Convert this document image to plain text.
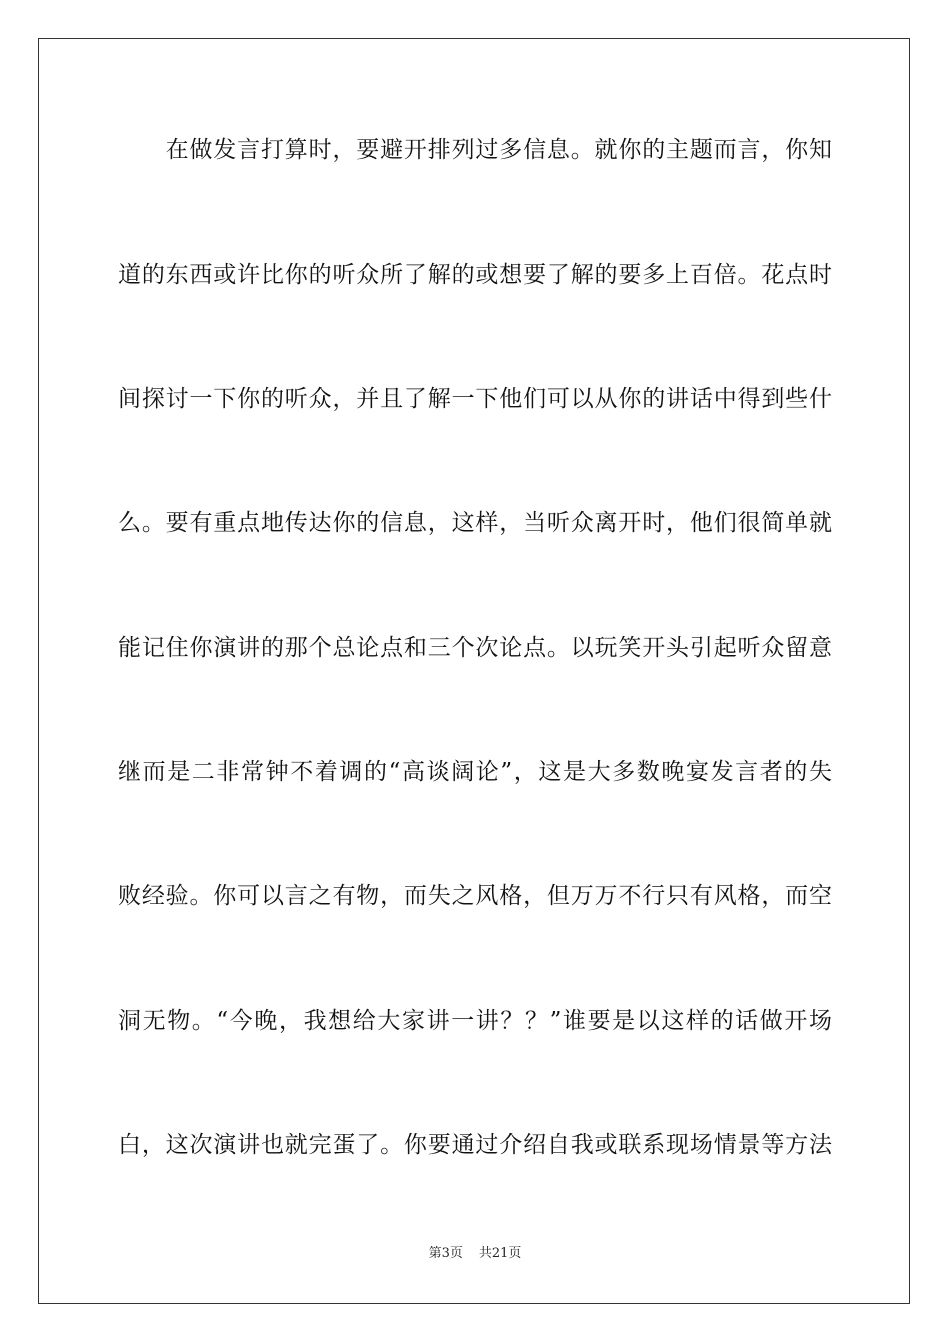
　　在做发言打算时，要避开排列过多信息。就你的主题而言，你知
道的东西或许比你的听众所了解的或想要了解的要多上百倍。花点时
间探讨一下你的听众，并且了解一下他们可以从你的讲话中得到些什
么。要有重点地传达你的信息，这样，当听众离开时，他们很简单就
能记住你演讲的那个总论点和三个次论点。以玩笑开头引起听众留意
继而是二非常钟不着调的“高谈阔论”，这是大多数晚宴发言者的失
败经验。你可以言之有物，而失之风格，但万万不行只有风格，而空
洞无物。“今晚，我想给大家讲一讲？？”谁要是以这样的话做开场
白，这次演讲也就完蛋了。你要通过介绍自我或联系现场情景等方法
第3页 共21页
